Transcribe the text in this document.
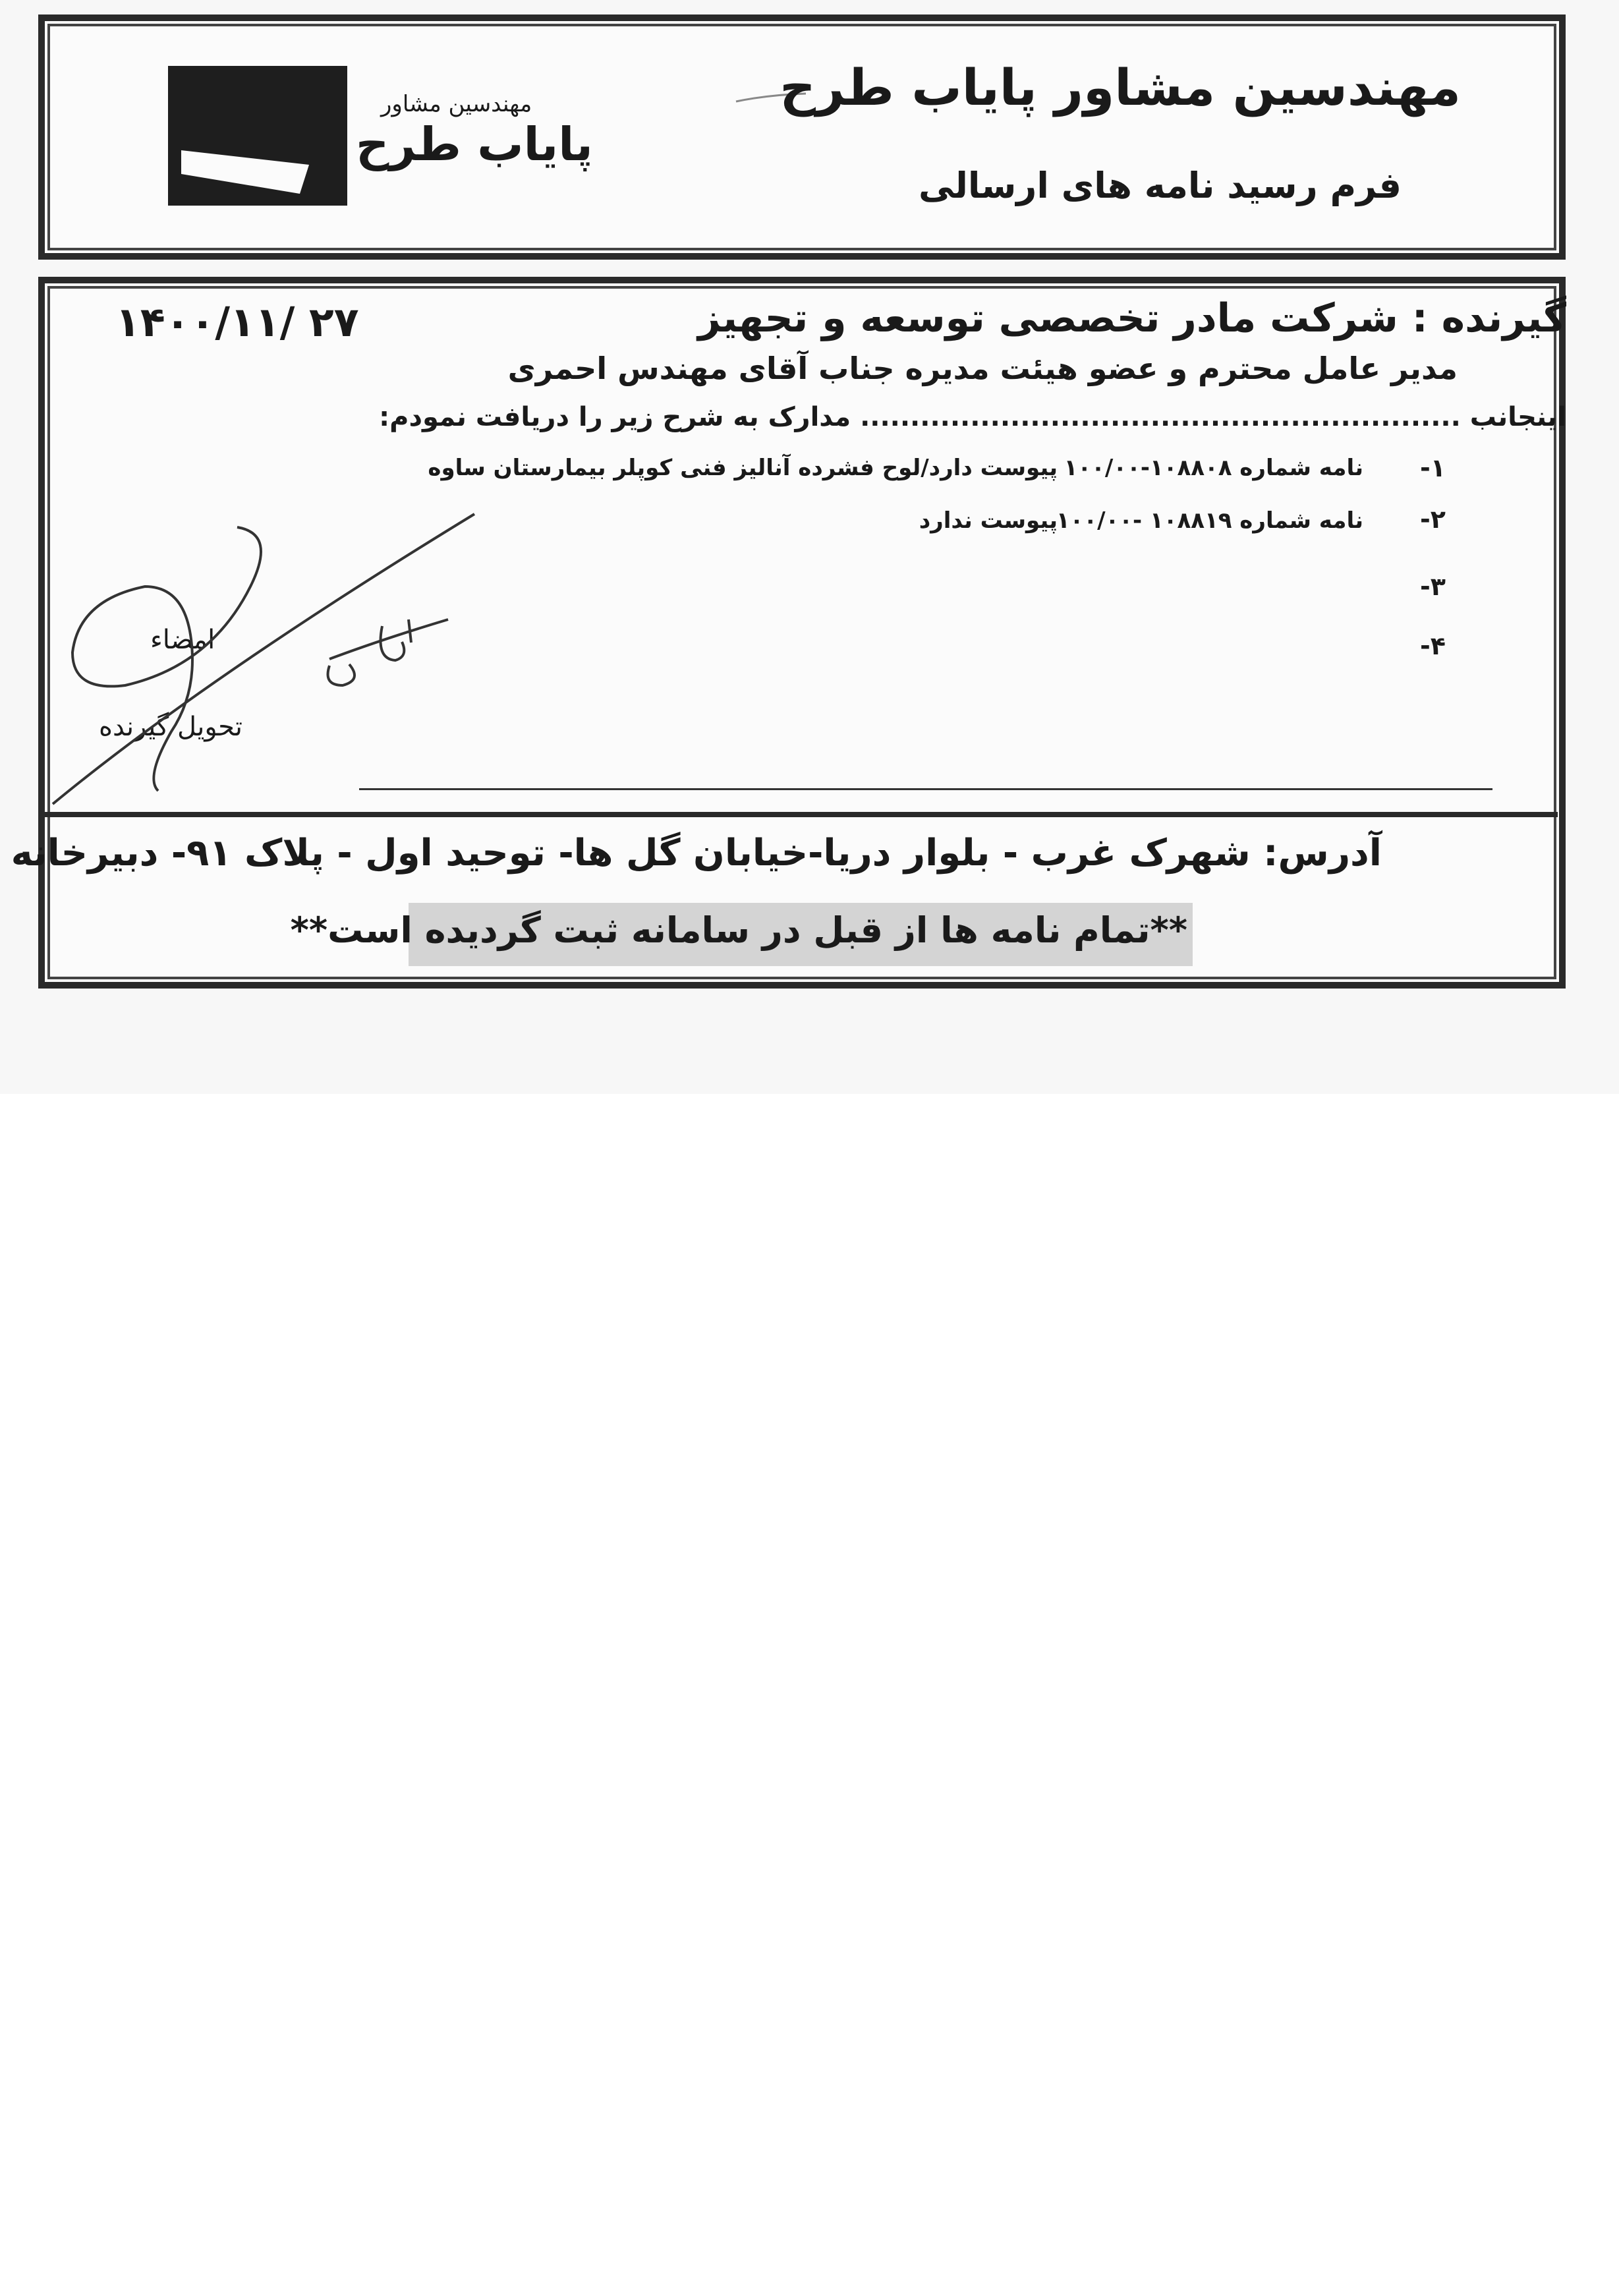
مهندسین مشاور
پایاب طرح
مهندسین مشاور پایاب طرح
فرم رسید نامه های ارسالی
گیرنده : شرکت مادر تخصصی توسعه و تجهیز
۱۴۰۰/۱۱/ ۲۷
مدیر عامل محترم و عضو هیئت مدیره جناب آقای مهندس احمری
اینجانب ............................................................ مدارک به شرح زیر را دریافت نمودم:
۱-
نامه شماره ۱۰۸۸۰۸-۱۰۰/۰۰
پیوست دارد/لوح فشرده آنالیز فنی کوپلر بیمارستان ساوه
۲-
نامه شماره ۱۰۸۸۱۹ -۱۰۰/۰۰
پیوست ندارد
۳-
۴-
امضاء
تحویل گیرنده
آدرس: شهرک غرب - بلوار دریا-خیابان گل ها- توحید اول - پلاک ۹۱- دبیرخانه
**تمام نامه ها از قبل در سامانه ثبت گردیده است**
